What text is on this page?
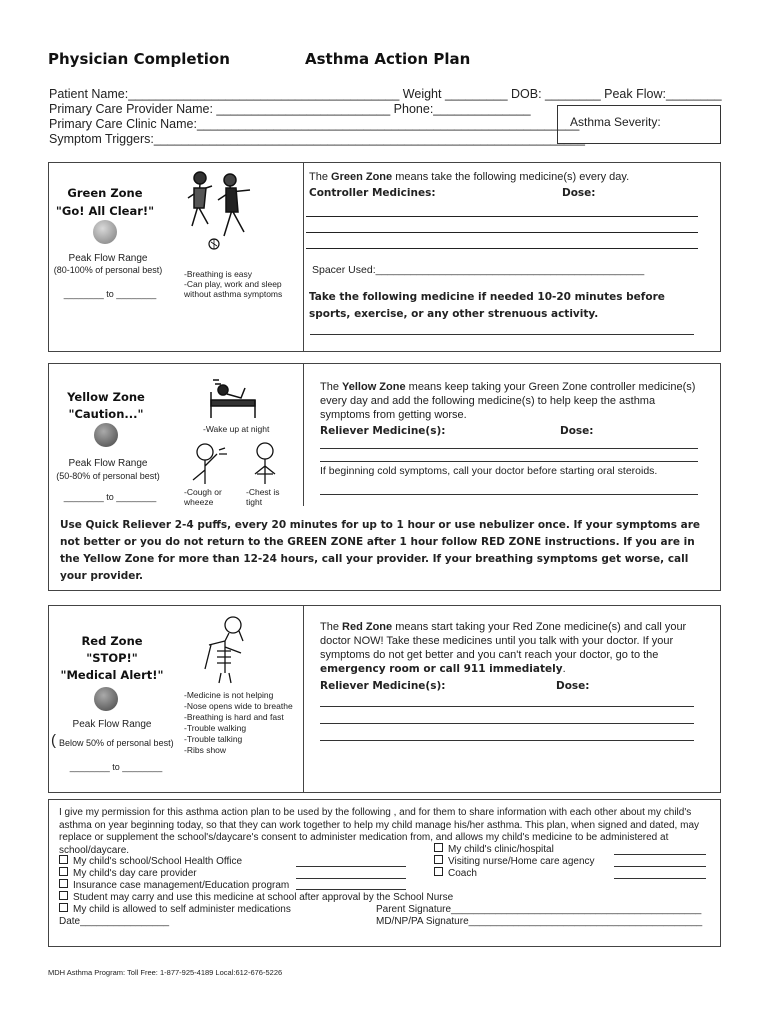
Physician Completion	Asthma Action Plan
Patient Name:_______________________________________ Weight _________ DOB: ________ Peak Flow:________
Primary Care Provider Name: _________________________ Phone:______________
Primary Care Clinic Name:_______________________________________________________
Symptom Triggers:______________________________________________________________
Asthma Severity:
Green Zone
"Go! All Clear!"
Peak Flow Range
(80-100% of personal best)
________ to ________
-Breathing is easy
-Can play, work and sleep
without asthma symptoms
The Green Zone means take the following medicine(s) every day.
Controller Medicines:	Dose:
Spacer Used:______________________________________________
Take the following medicine if needed 10-20 minutes before sports, exercise, or any other strenuous activity.
Yellow Zone
"Caution..."
Peak Flow Range
(50-80% of personal best)
________ to ________
-Wake up at night
-Cough or wheeze
-Chest is tight
The Yellow Zone means keep taking your Green Zone controller medicine(s) every day and add the following medicine(s) to help keep the asthma symptoms from getting worse.
Reliever Medicine(s):	Dose:
If beginning cold symptoms, call your doctor before starting oral steroids.
Use Quick Reliever 2-4 puffs, every 20 minutes for up to 1 hour or use nebulizer once. If your symptoms are not better or you do not return to the GREEN ZONE after 1 hour follow RED ZONE instructions. If you are in the Yellow Zone for more than 12-24 hours, call your provider. If your breathing symptoms get worse, call your provider.
Red Zone
"STOP!"
"Medical Alert!"
Peak Flow Range
( Below 50% of personal best)
________ to ________
-Medicine is not helping
-Nose opens wide to breathe
-Breathing is hard and fast
-Trouble walking
-Trouble talking
-Ribs show
The Red Zone means start taking your Red Zone medicine(s) and call your doctor NOW! Take these medicines until you talk with your doctor. If your symptoms do not get better and you can't reach your doctor, go to the emergency room or call 911 immediately.
Reliever Medicine(s):	Dose:
I give my permission for this asthma action plan to be used by the following , and for them to share information with each other about my child's asthma on year beginning today, so that they can work together to help my child manage his/her asthma. This plan, when signed and dated, may replace or supplement the school's/daycare's consent to administer medication from, and allows my child's medicine to be administered at school/daycare.
My child's school/School Health Office
My child's day care provider
Insurance case management/Education program
Student may carry and use this medicine at school after approval by the School Nurse
My child is allowed to self administer medications
My child's clinic/hospital
Visiting nurse/Home care agency
Coach
Date________________
Parent Signature_____________________________________________
MD/NP/PA Signature__________________________________________
MDH Asthma Program: Toll Free: 1-877-925-4189 Local:612-676-5226
